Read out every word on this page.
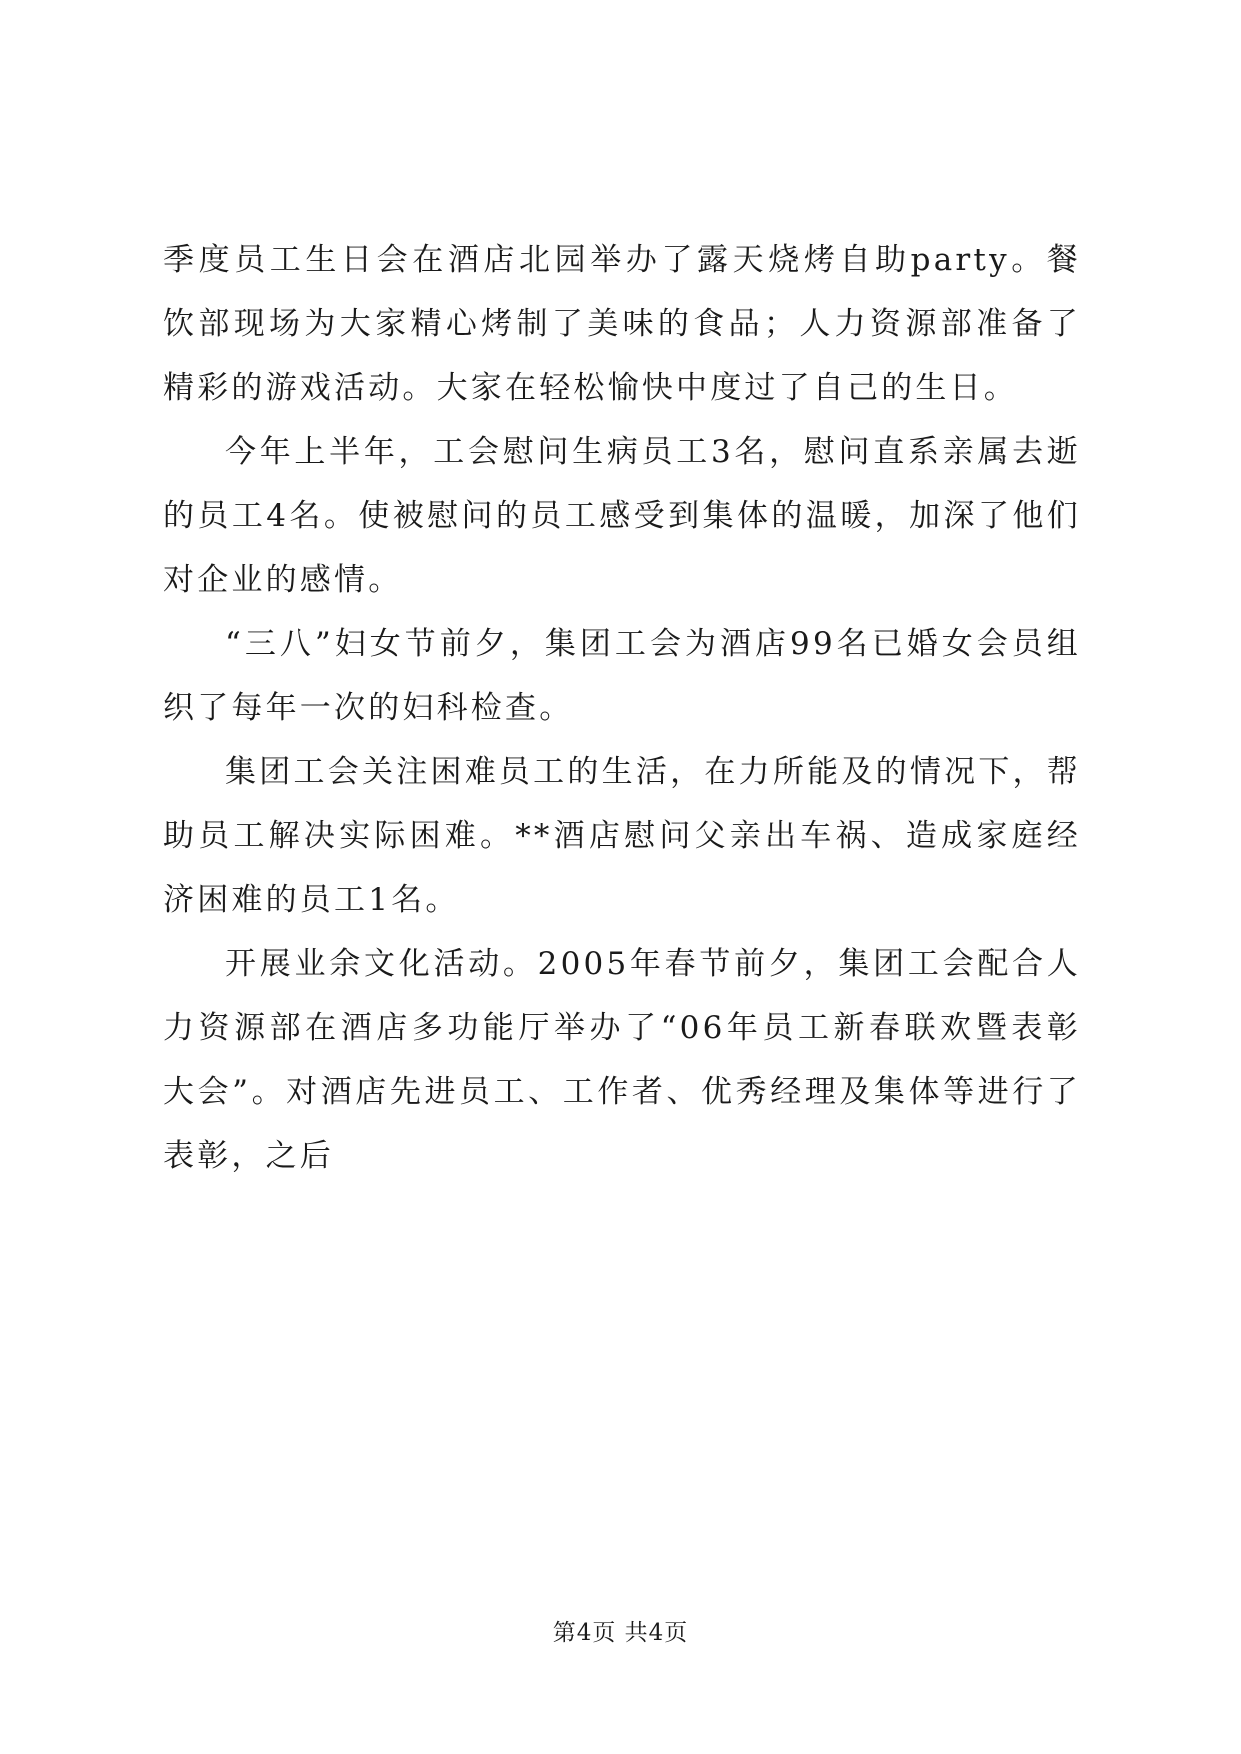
季度员工生日会在酒店北园举办了露天烧烤自助party。餐饮部现场为大家精心烤制了美味的食品；人力资源部准备了精彩的游戏活动。大家在轻松愉快中度过了自己的生日。

今年上半年，工会慰问生病员工3名，慰问直系亲属去逝的员工4名。使被慰问的员工感受到集体的温暖，加深了他们对企业的感情。

“三八”妇女节前夕，集团工会为酒店99名已婚女会员组织了每年一次的妇科检查。

集团工会关注困难员工的生活，在力所能及的情况下，帮助员工解决实际困难。**酒店慰问父亲出车祸、造成家庭经济困难的员工1名。

开展业余文化活动。2005年春节前夕，集团工会配合人力资源部在酒店多功能厅举办了“06年员工新春联欢暨表彰大会”。对酒店先进员工、工作者、优秀经理及集体等进行了表彰，之后

第4页 共4页
